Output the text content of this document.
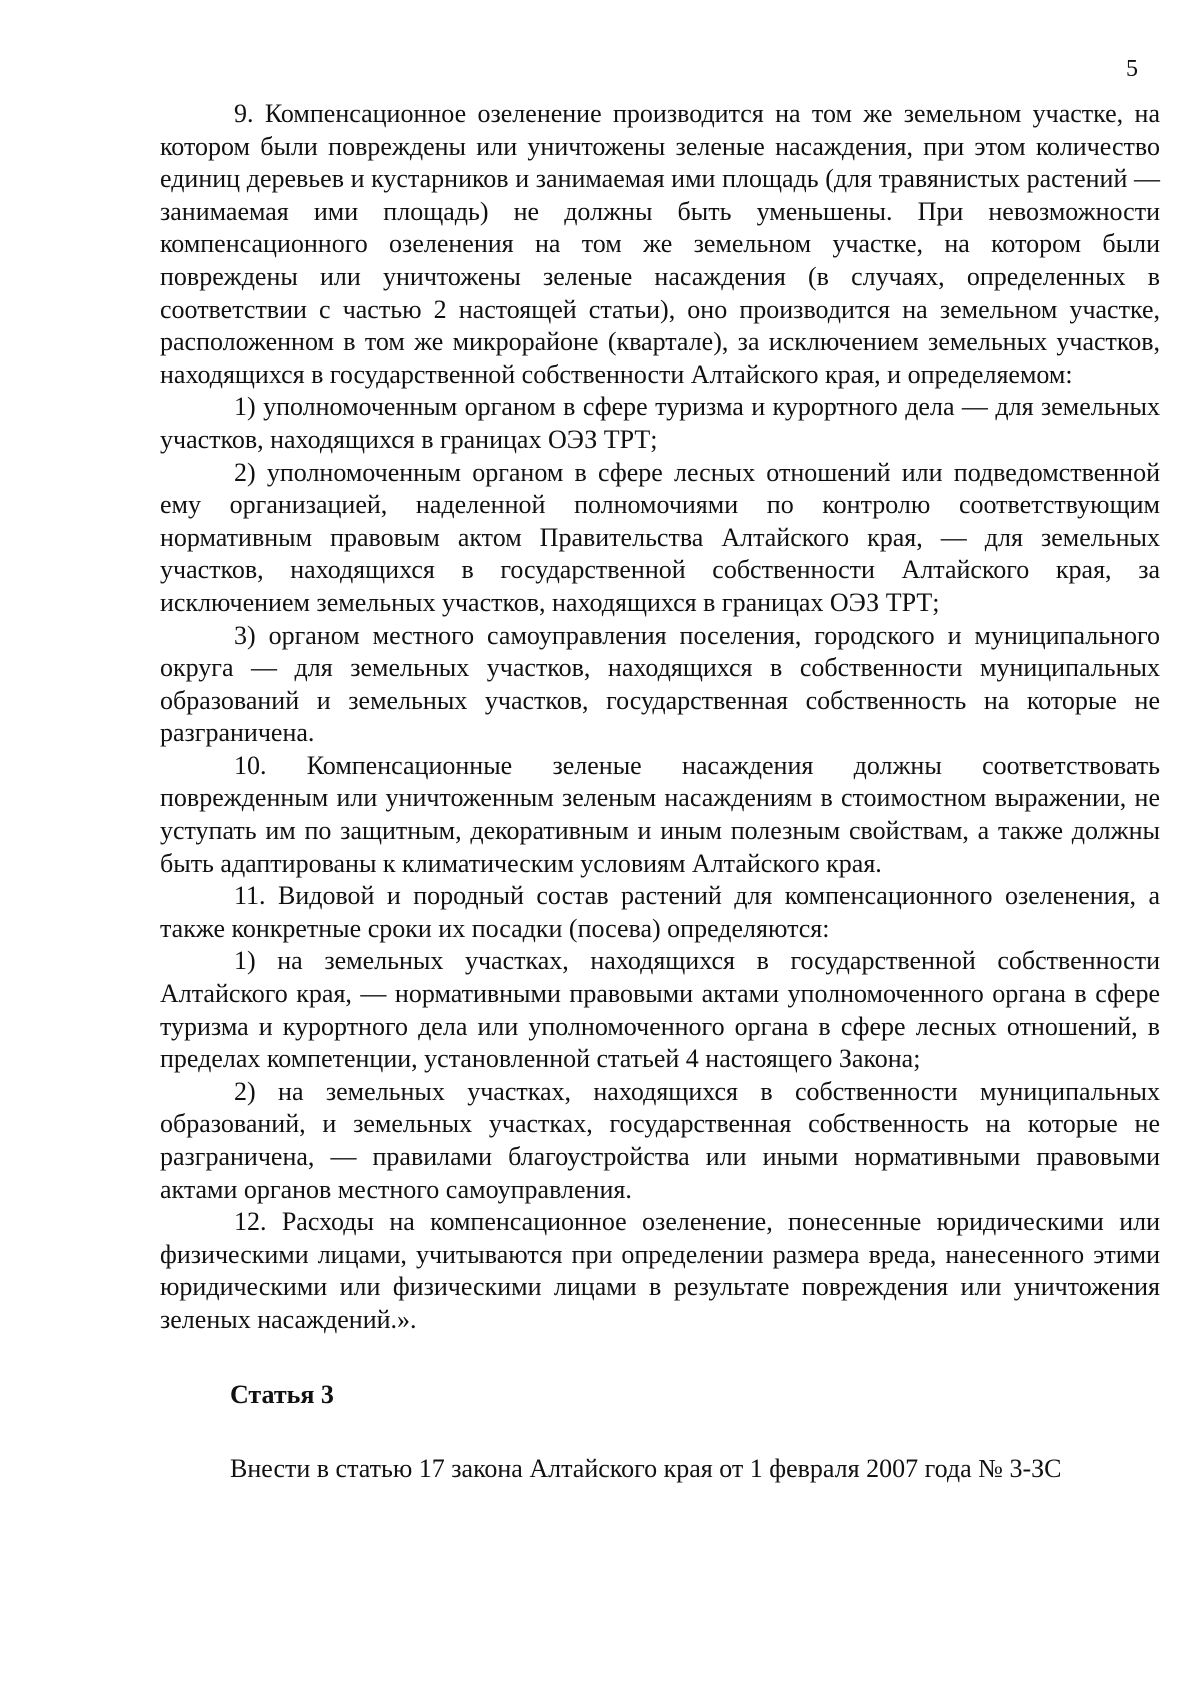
5

9. Компенсационное озеленение производится на том же земельном участке, на котором были повреждены или уничтожены зеленые насаждения, при этом количество единиц деревьев и кустарников и занимаемая ими площадь (для травянистых растений — занимаемая ими площадь) не должны быть уменьшены. При невозможности компенсационного озеленения на том же земельном участке, на котором были повреждены или уничтожены зеленые насаждения (в случаях, определенных в соответствии с частью 2 настоящей статьи), оно производится на земельном участке, расположенном в том же микрорайоне (квартале), за исключением земельных участков, находящихся в государственной собственности Алтайского края, и определяемом:

1) уполномоченным органом в сфере туризма и курортного дела — для земельных участков, находящихся в границах ОЭЗ ТРТ;

2) уполномоченным органом в сфере лесных отношений или подведомственной ему организацией, наделенной полномочиями по контролю соответствующим нормативным правовым актом Правительства Алтайского края, — для земельных участков, находящихся в государственной собственности Алтайского края, за исключением земельных участков, находящихся в границах ОЭЗ ТРТ;

3) органом местного самоуправления поселения, городского и муниципального округа — для земельных участков, находящихся в собственности муниципальных образований и земельных участков, государственная собственность на которые не разграничена.

10. Компенсационные зеленые насаждения должны соответствовать поврежденным или уничтоженным зеленым насаждениям в стоимостном выражении, не уступать им по защитным, декоративным и иным полезным свойствам, а также должны быть адаптированы к климатическим условиям Алтайского края.

11. Видовой и породный состав растений для компенсационного озеленения, а также конкретные сроки их посадки (посева) определяются:

1) на земельных участках, находящихся в государственной собственности Алтайского края, — нормативными правовыми актами уполномоченного органа в сфере туризма и курортного дела или уполномоченного органа в сфере лесных отношений, в пределах компетенции, установленной статьей 4 настоящего Закона;

2) на земельных участках, находящихся в собственности муниципальных образований, и земельных участках, государственная собственность на которые не разграничена, — правилами благоустройства или иными нормативными правовыми актами органов местного самоуправления.

12. Расходы на компенсационное озеленение, понесенные юридическими или физическими лицами, учитываются при определении размера вреда, нанесенного этими юридическими или физическими лицами в результате повреждения или уничтожения зеленых насаждений.».

Статья 3

Внести в статью 17 закона Алтайского края от 1 февраля 2007 года № 3-ЗС
